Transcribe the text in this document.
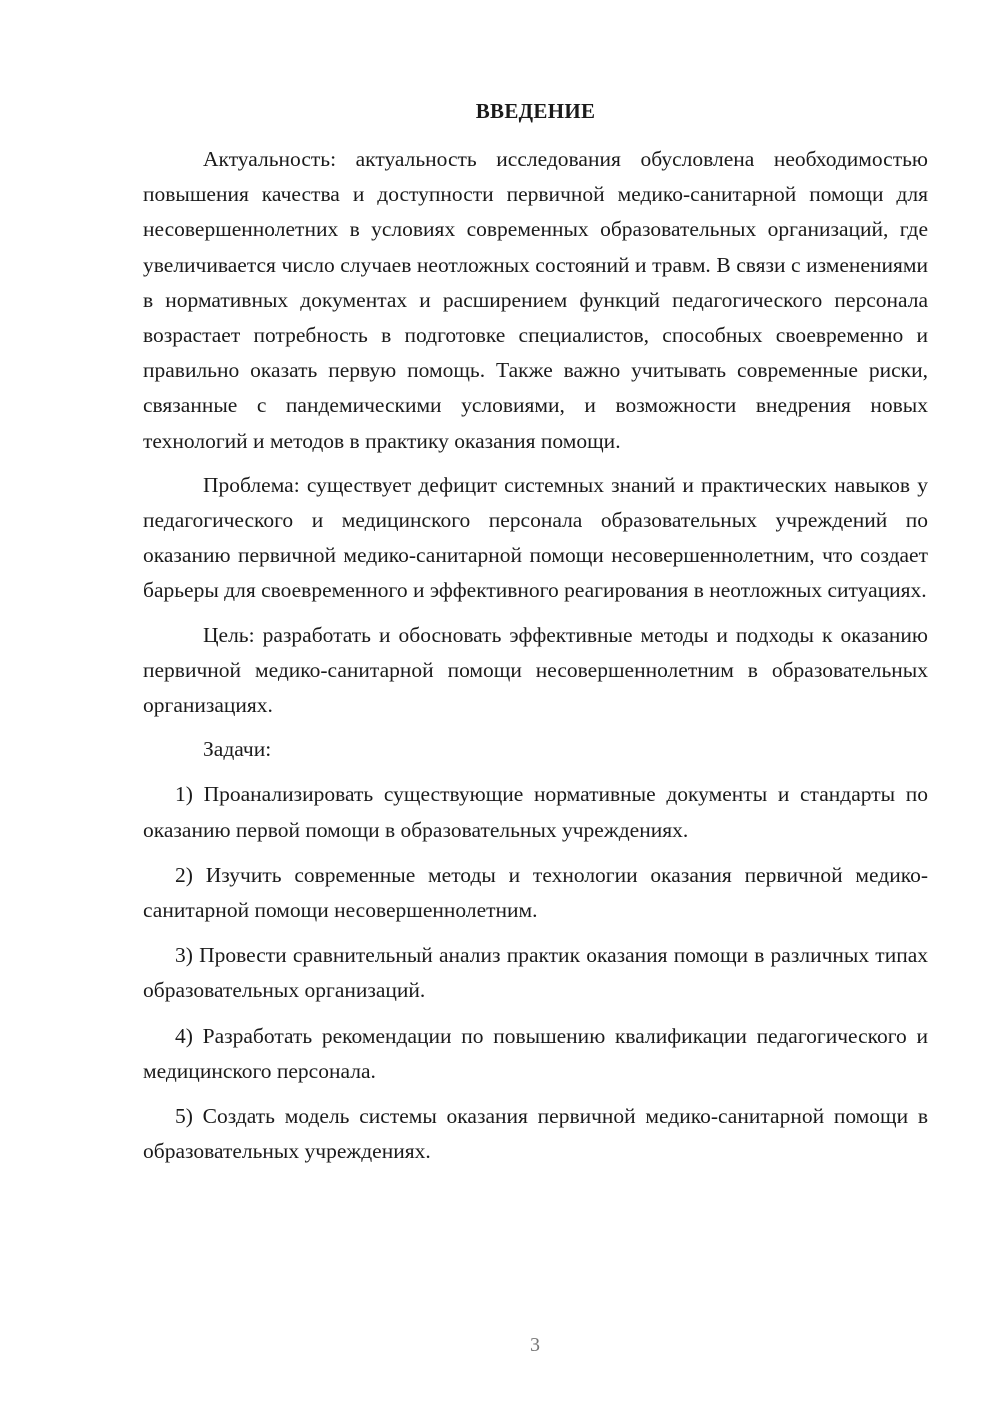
ВВЕДЕНИЕ

Актуальность: актуальность исследования обусловлена необходимостью повышения качества и доступности первичной медико-санитарной помощи для несовершеннолетних в условиях современных образовательных организаций, где увеличивается число случаев неотложных состояний и травм. В связи с изменениями в нормативных документах и расширением функций педагогического персонала возрастает потребность в подготовке специалистов, способных своевременно и правильно оказать первую помощь. Также важно учитывать современные риски, связанные с пандемическими условиями, и возможности внедрения новых технологий и методов в практику оказания помощи.

Проблема: существует дефицит системных знаний и практических навыков у педагогического и медицинского персонала образовательных учреждений по оказанию первичной медико-санитарной помощи несовершеннолетним, что создает барьеры для своевременного и эффективного реагирования в неотложных ситуациях.

Цель: разработать и обосновать эффективные методы и подходы к оказанию первичной медико-санитарной помощи несовершеннолетним в образовательных организациях.

Задачи:

1) Проанализировать существующие нормативные документы и стандарты по оказанию первой помощи в образовательных учреждениях.

2) Изучить современные методы и технологии оказания первичной медико-санитарной помощи несовершеннолетним.

3) Провести сравнительный анализ практик оказания помощи в различных типах образовательных организаций.

4) Разработать рекомендации по повышению квалификации педагогического и медицинского персонала.

5) Создать модель системы оказания первичной медико-санитарной помощи в образовательных учреждениях.

3
